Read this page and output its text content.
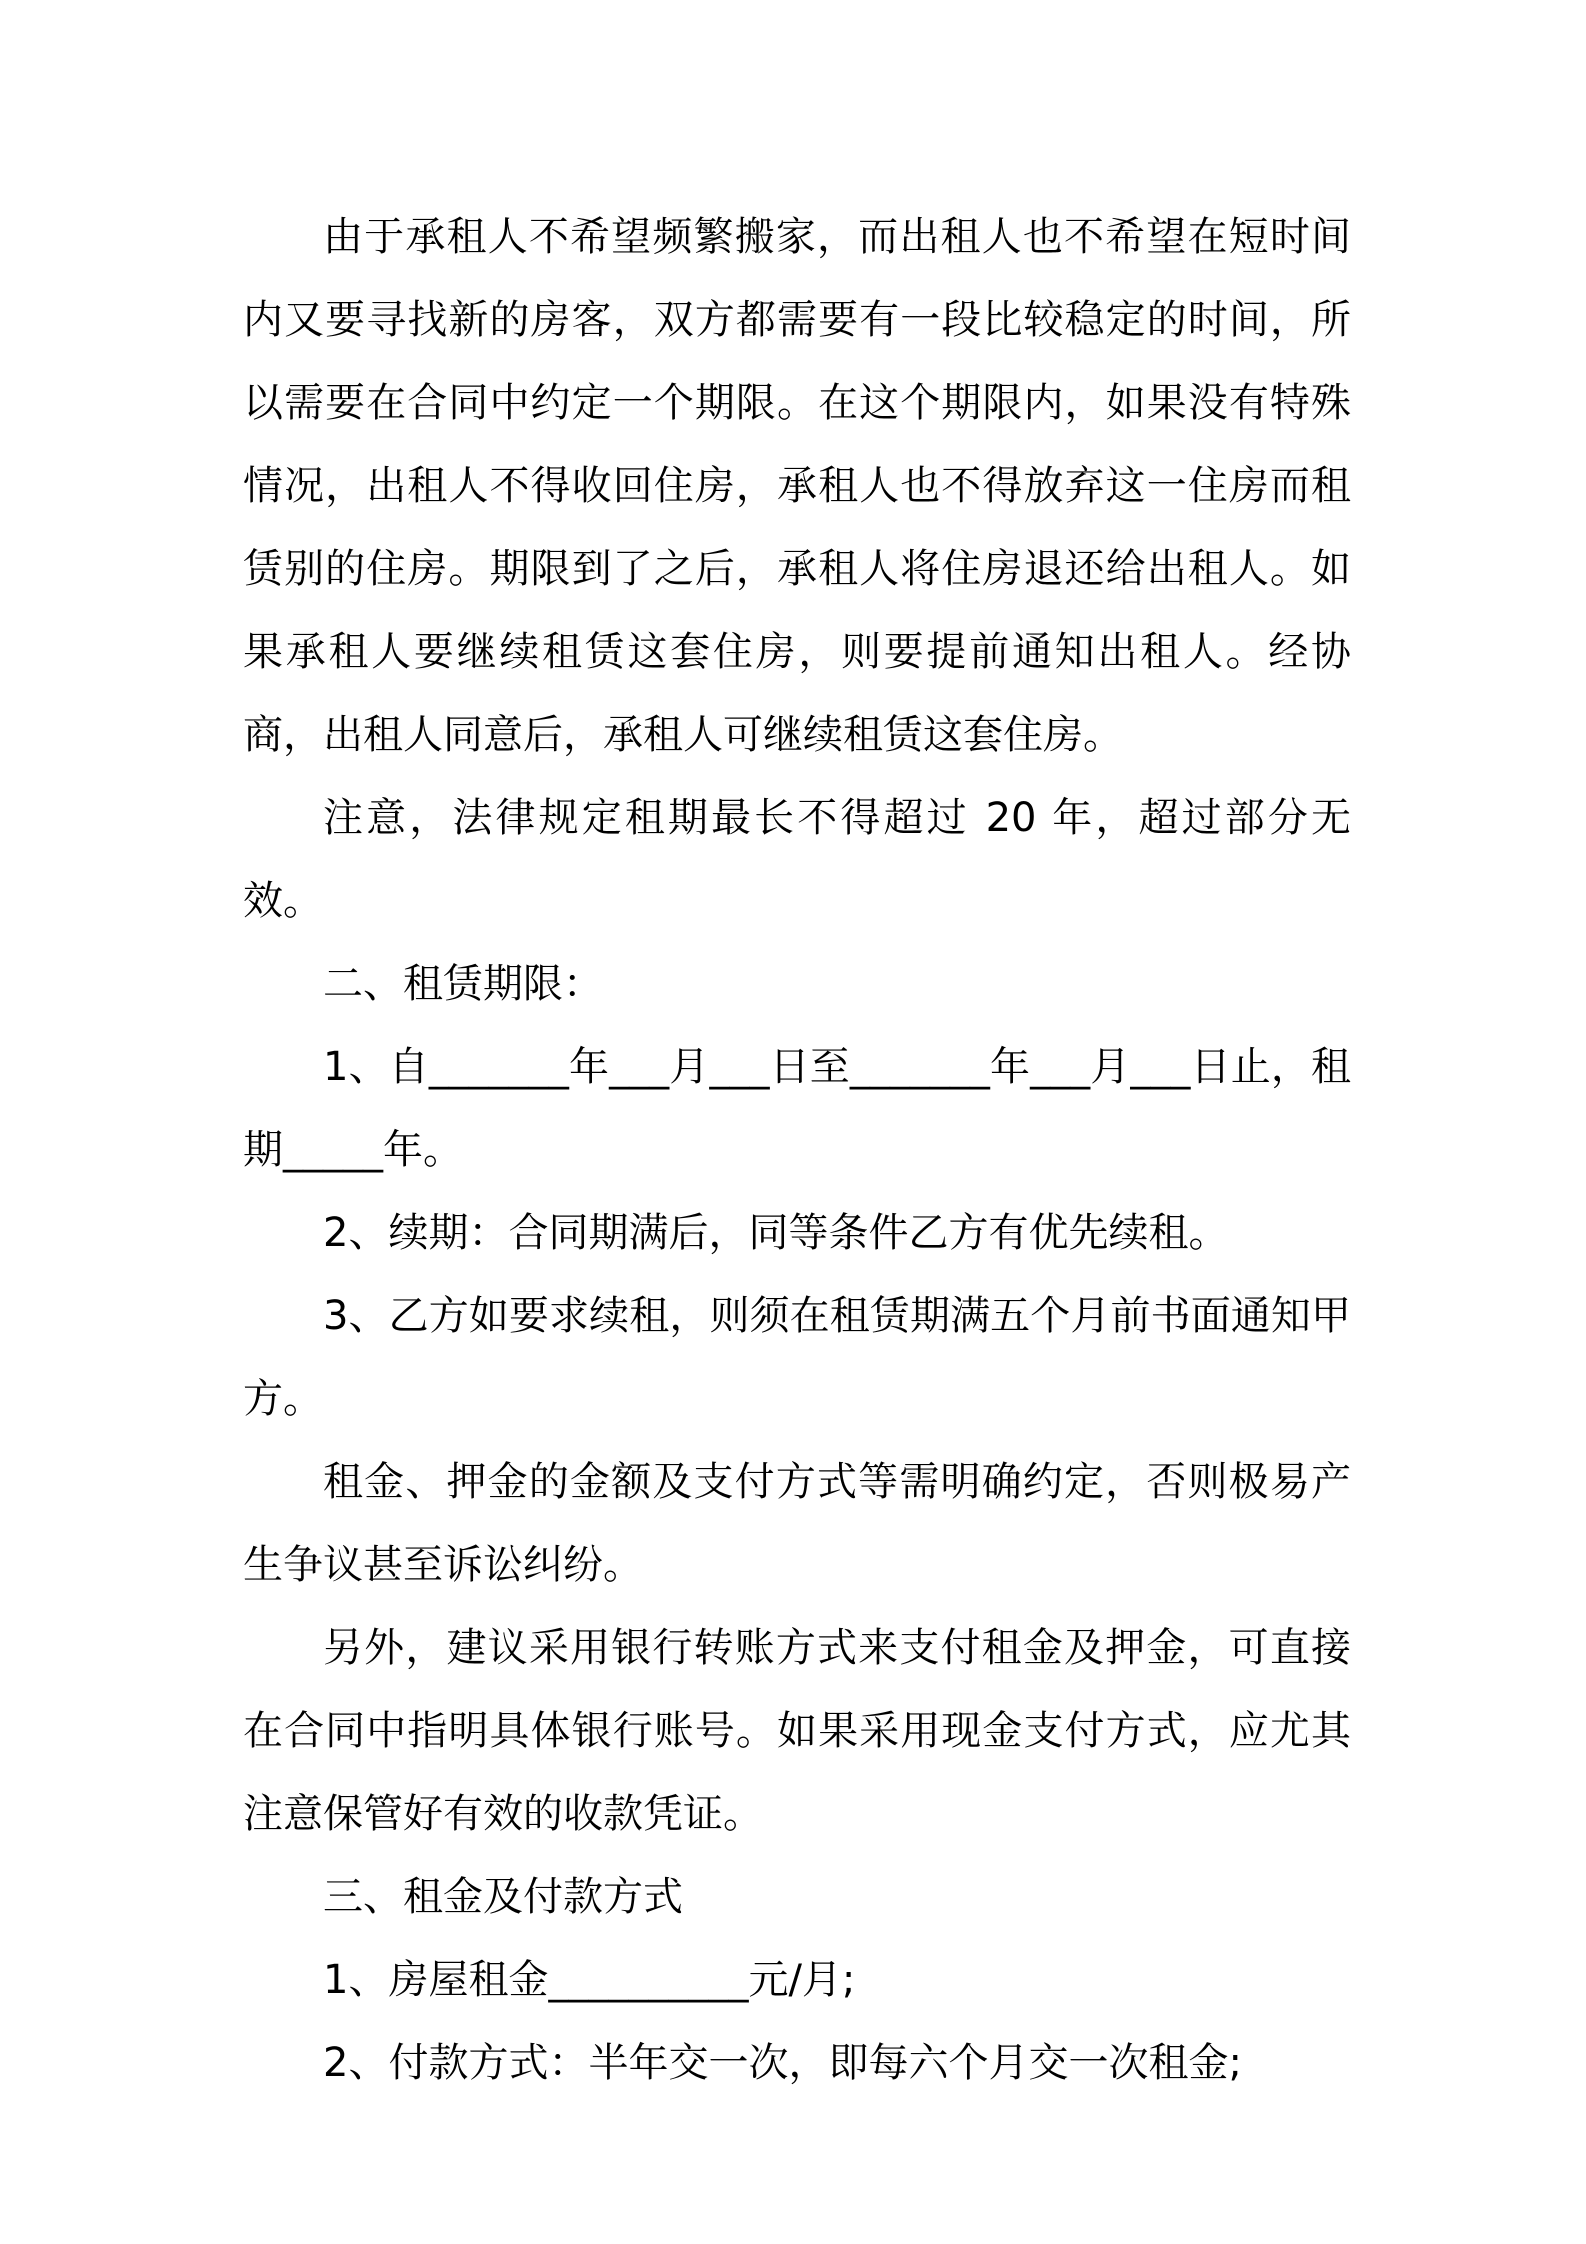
由于承租人不希望频繁搬家，而出租人也不希望在短时间内又要寻找新的房客，双方都需要有一段比较稳定的时间，所以需要在合同中约定一个期限。在这个期限内，如果没有特殊情况，出租人不得收回住房，承租人也不得放弃这一住房而租赁别的住房。期限到了之后，承租人将住房退还给出租人。如果承租人要继续租赁这套住房，则要提前通知出租人。经协商，出租人同意后，承租人可继续租赁这套住房。

注意，法律规定租期最长不得超过 20 年，超过部分无效。

二、租赁期限：

1、自_______年___月___日至_______年___月___日止，租期_____年。

2、续期：合同期满后，同等条件乙方有优先续租。

3、乙方如要求续租，则须在租赁期满五个月前书面通知甲方。

租金、押金的金额及支付方式等需明确约定，否则极易产生争议甚至诉讼纠纷。

另外，建议采用银行转账方式来支付租金及押金，可直接在合同中指明具体银行账号。如果采用现金支付方式，应尤其注意保管好有效的收款凭证。

三、租金及付款方式

1、房屋租金__________元/月;

2、付款方式：半年交一次，即每六个月交一次租金;
